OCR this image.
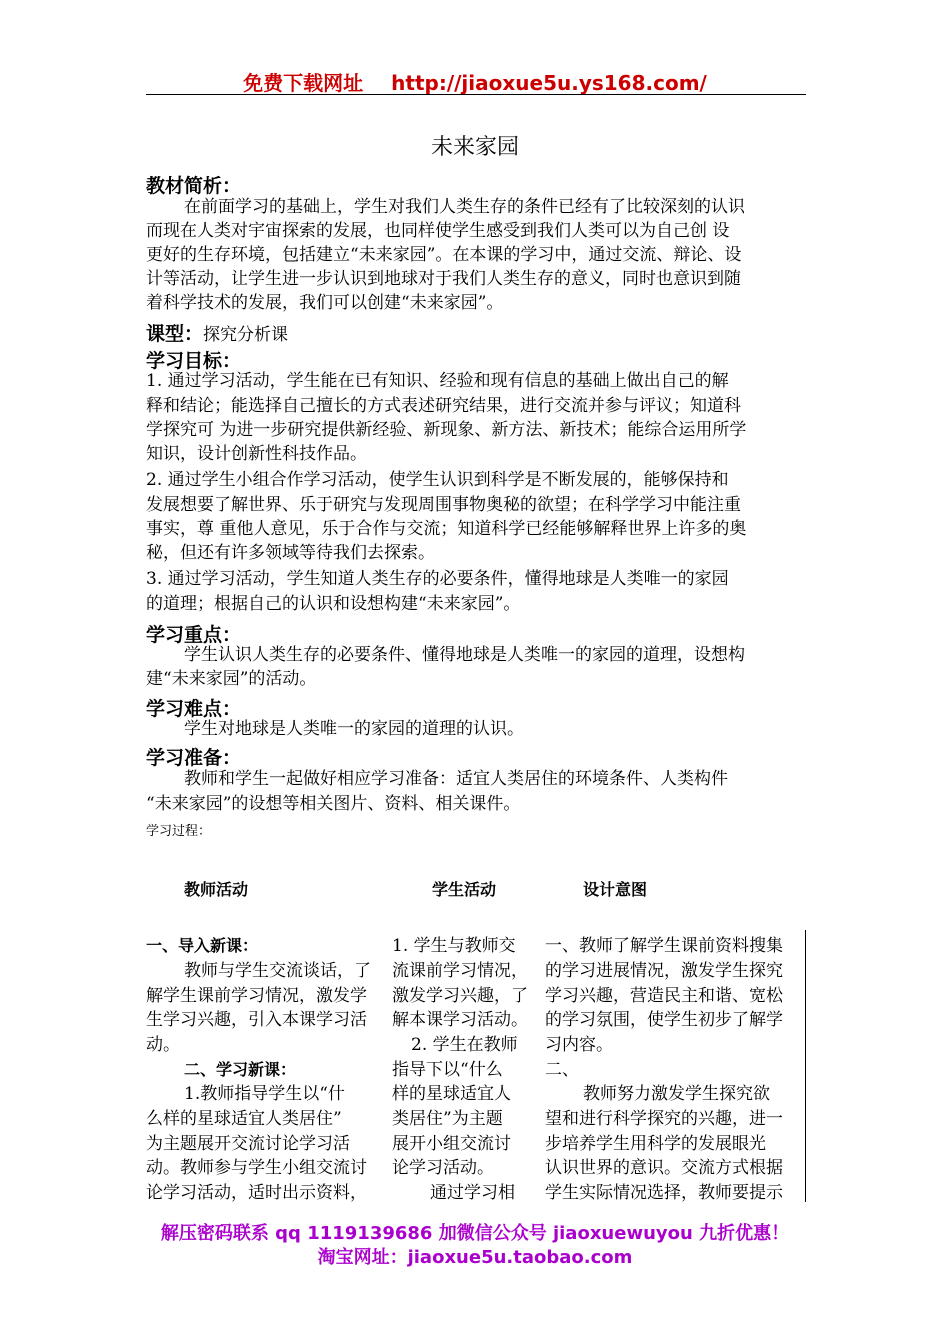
免费下载网址 http://jiaoxue5u.ys168.com/
未来家园
教材简析：
在前面学习的基础上，学生对我们人类生存的条件已经有了比较深刻的认识
而现在人类对宇宙探索的发展，也同样使学生感受到我们人类可以为自己创 设
更好的生存环境，包括建立“未来家园”。在本课的学习中，通过交流、辩论、设
计等活动，让学生进一步认识到地球对于我们人类生存的意义，同时也意识到随
着科学技术的发展，我们可以创建“未来家园”。
课型：探究分析课
学习目标：
1. 通过学习活动，学生能在已有知识、经验和现有信息的基础上做出自己的解
释和结论；能选择自己擅长的方式表述研究结果，进行交流并参与评议；知道科
学探究可 为进一步研究提供新经验、新现象、新方法、新技术；能综合运用所学
知识，设计创新性科技作品。
2. 通过学生小组合作学习活动，使学生认识到科学是不断发展的，能够保持和
发展想要了解世界、乐于研究与发现周围事物奥秘的欲望；在科学学习中能注重
事实，尊 重他人意见，乐于合作与交流；知道科学已经能够解释世界上许多的奥
秘，但还有许多领域等待我们去探索。
3. 通过学习活动，学生知道人类生存的必要条件，懂得地球是人类唯一的家园
的道理；根据自己的认识和设想构建“未来家园”。
学习重点：
学生认识人类生存的必要条件、懂得地球是人类唯一的家园的道理，设想构
建“未来家园”的活动。
学习难点：
学生对地球是人类唯一的家园的道理的认识。
学习准备：
教师和学生一起做好相应学习准备：适宜人类居住的环境条件、人类构件
“未来家园”的设想等相关图片、资料、相关课件。
学习过程：
教师活动	学生活动	设计意图
一、导入新课：
教师与学生交流谈话，了
解学生课前学习情况，激发学
生学习兴趣，引入本课学习活
动。
二、学习新课：
1.教师指导学生以“什
么样的星球适宜人类居住”
为主题展开交流讨论学习活
动。教师参与学生小组交流讨
论学习活动，适时出示资料，
1. 学生与教师交
流课前学习情况，
激发学习兴趣，了
解本课学习活动。
2. 学生在教师
指导下以“什么
样的星球适宜人
类居住”为主题
展开小组交流讨
论学习活动。
通过学习相
一、教师了解学生课前资料搜集
的学习进展情况，激发学生探究
学习兴趣，营造民主和谐、宽松
的学习氛围，使学生初步了解学
习内容。
二、
教师努力激发学生探究欲
望和进行科学探究的兴趣，进一
步培养学生用科学的发展眼光
认识世界的意识。交流方式根据
学生实际情况选择，教师要提示
解压密码联系 qq 1119139686 加微信公众号 jiaoxuewuyou 九折优惠！
淘宝网址：jiaoxue5u.taobao.com
